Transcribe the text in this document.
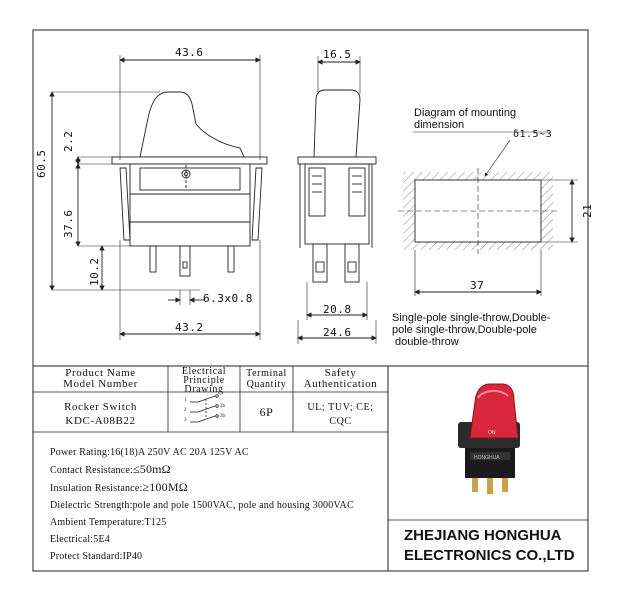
ON
HONGHUA
43.6
43.2
60.5
2.2
37.6
10.2
6.3x0.8
16.5
20.8
24.6
Diagram of mounting
dimension
δ1.5~3
21
37
Single-pole single-throw,Double-
pole single-throw,Double-pole
double-throw
Product Name
Model Number
Electrical
Principle
Drawing
Terminal
Quantity
Safety
Authentication
Rocker Switch
KDC-A08B22
1
2
3
2b
3b	6P	UL; TUV; CE;
CQC
Power Rating:16(18)A 250V AC 20A 125V AC
Contact Resistance:≤50mΩ
Insulation Resistance:≥100MΩ
Dielectric Strength:pole and pole 1500VAC, pole and housing 3000VAC
Ambient Temperature:T125
Electrical:5E4
Protect Standard:IP40
ZHEJIANG HONGHUA
ELECTRONICS CO.,LTD
